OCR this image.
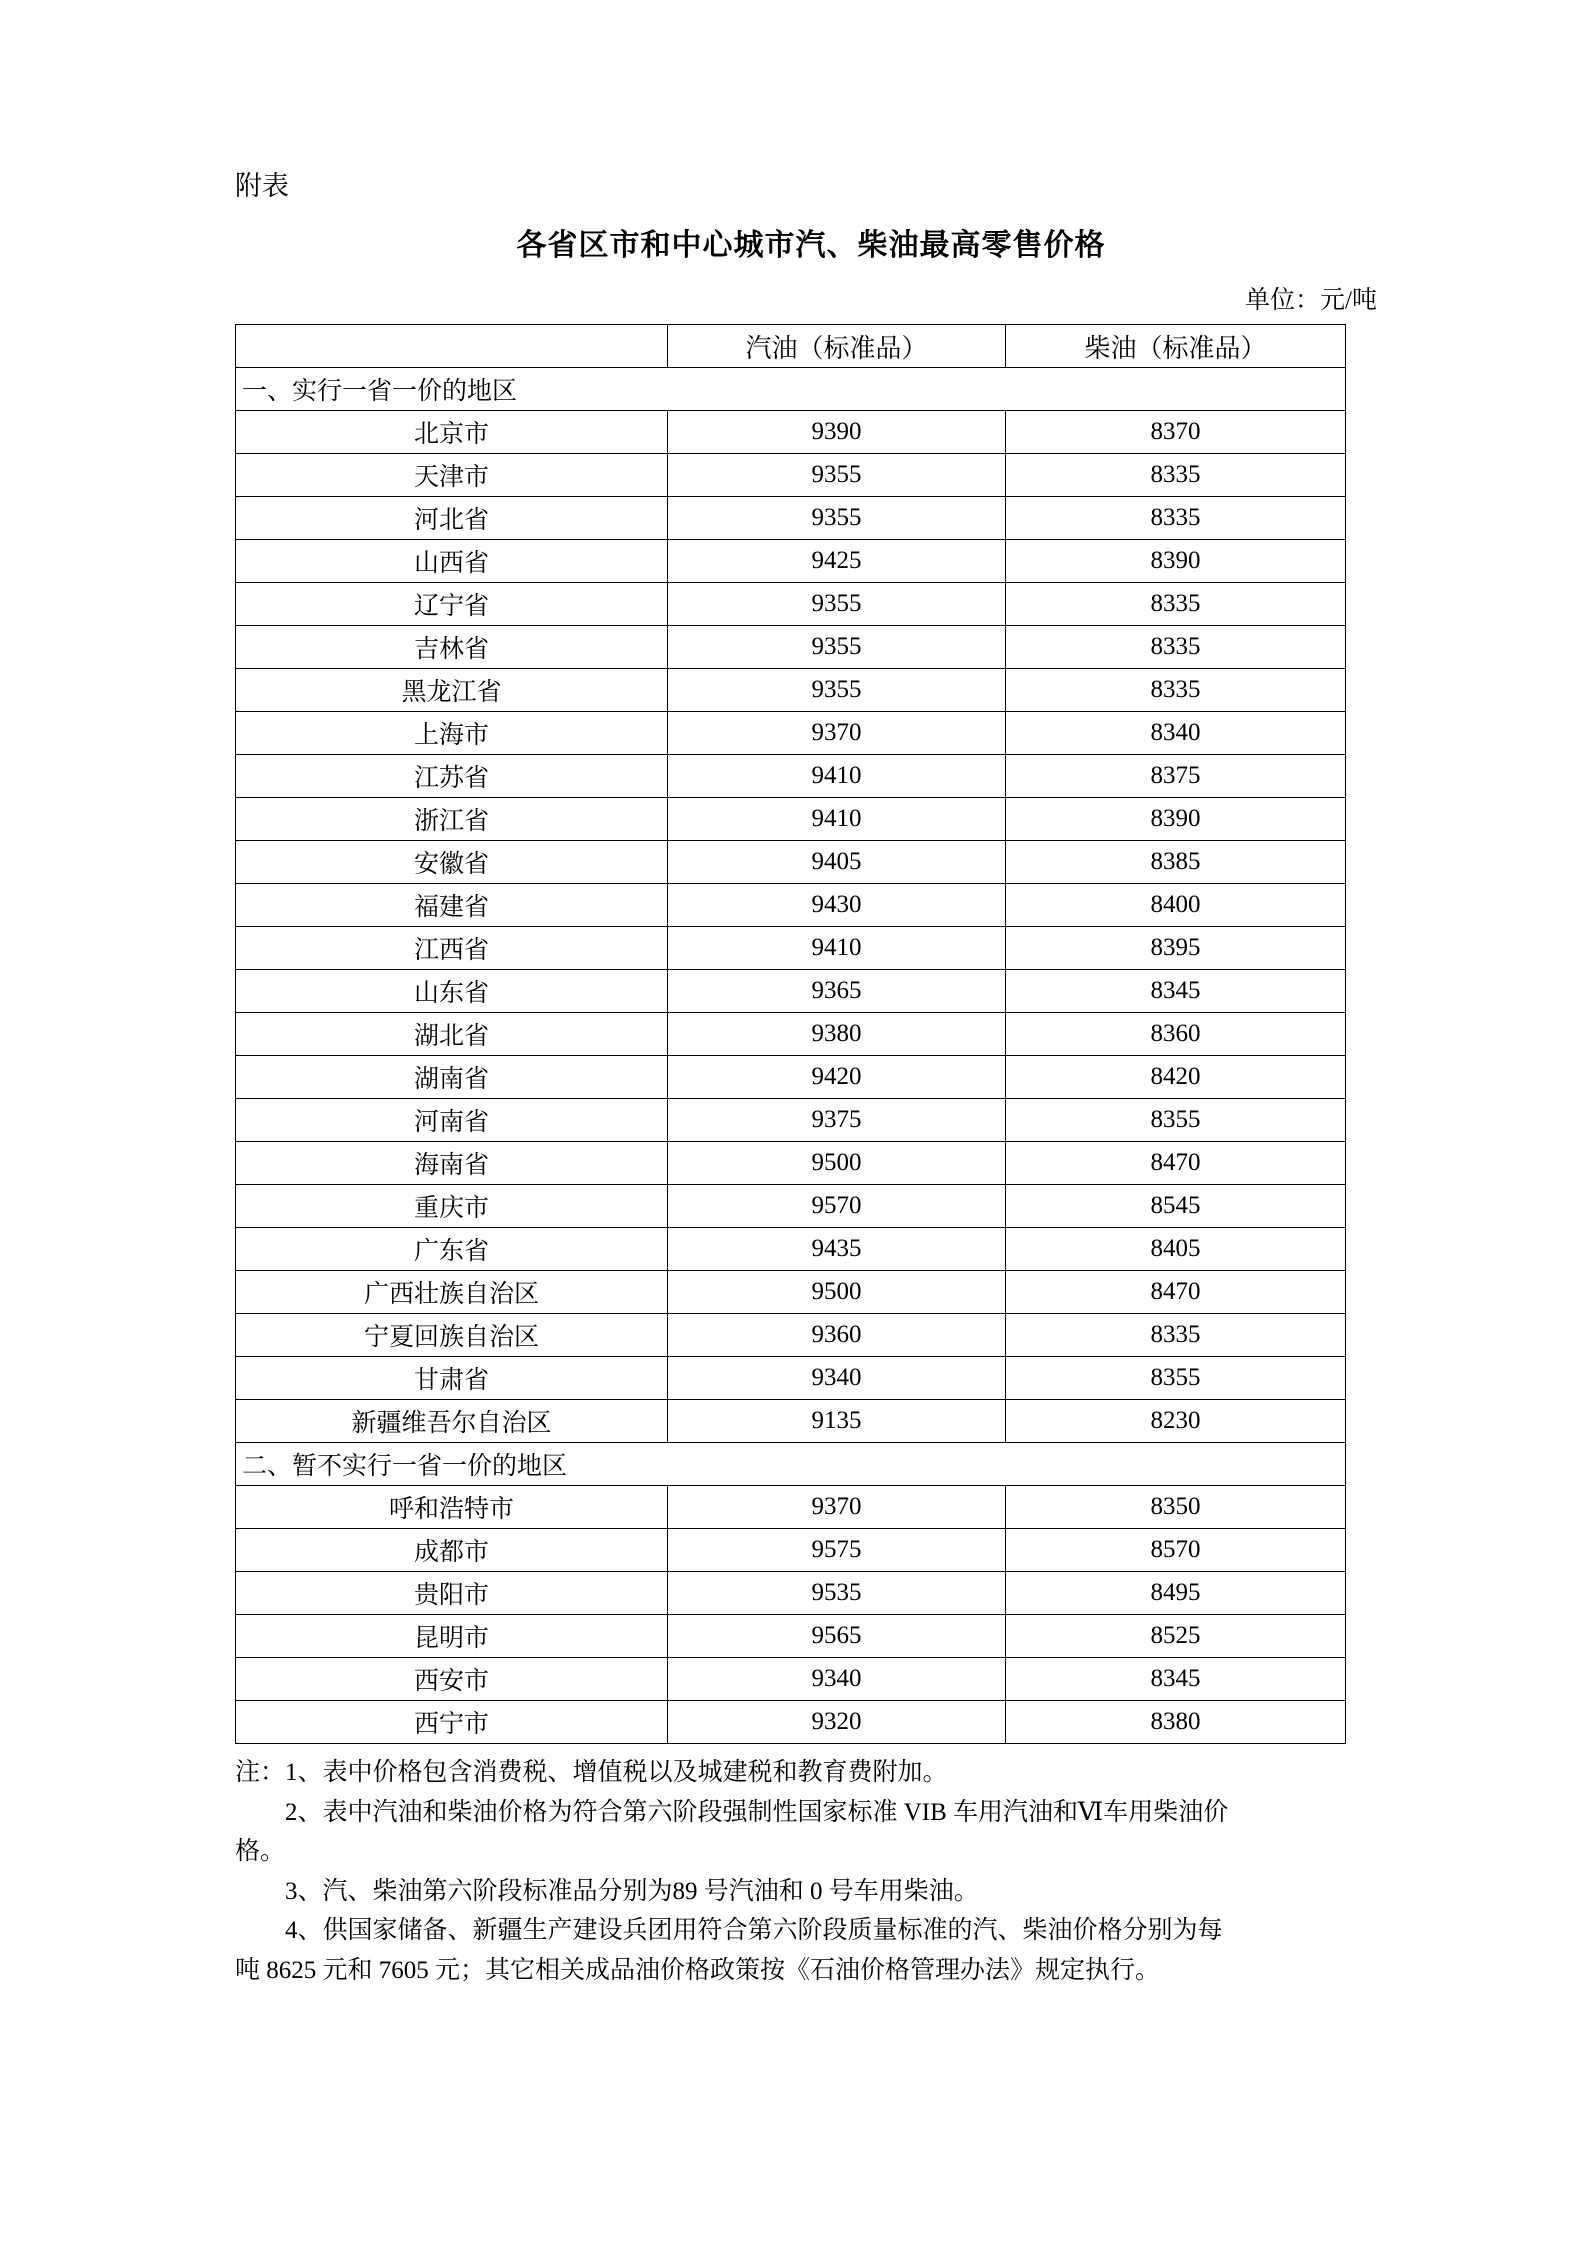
附表
各省区市和中心城市汽、柴油最高零售价格
单位：元/吨
	汽油（标准品）	柴油（标准品）
一、实行一省一价的地区		
北京市	9390	8370
天津市	9355	8335
河北省	9355	8335
山西省	9425	8390
辽宁省	9355	8335
吉林省	9355	8335
黑龙江省	9355	8335
上海市	9370	8340
江苏省	9410	8375
浙江省	9410	8390
安徽省	9405	8385
福建省	9430	8400
江西省	9410	8395
山东省	9365	8345
湖北省	9380	8360
湖南省	9420	8420
河南省	9375	8355
海南省	9500	8470
重庆市	9570	8545
广东省	9435	8405
广西壮族自治区	9500	8470
宁夏回族自治区	9360	8335
甘肃省	9340	8355
新疆维吾尔自治区	9135	8230
二、暂不实行一省一价的地区		
呼和浩特市	9370	8350
成都市	9575	8570
贵阳市	9535	8495
昆明市	9565	8525
西安市	9340	8345
西宁市	9320	8380

注：1、表中价格包含消费税、增值税以及城建税和教育费附加。

2、表中汽油和柴油价格为符合第六阶段强制性国家标准 VIB 车用汽油和Ⅵ车用柴油价

格。

3、汽、柴油第六阶段标准品分别为89 号汽油和 0 号车用柴油。

4、供国家储备、新疆生产建设兵团用符合第六阶段质量标准的汽、柴油价格分别为每

吨 8625 元和 7605 元；其它相关成品油价格政策按《石油价格管理办法》规定执行。
